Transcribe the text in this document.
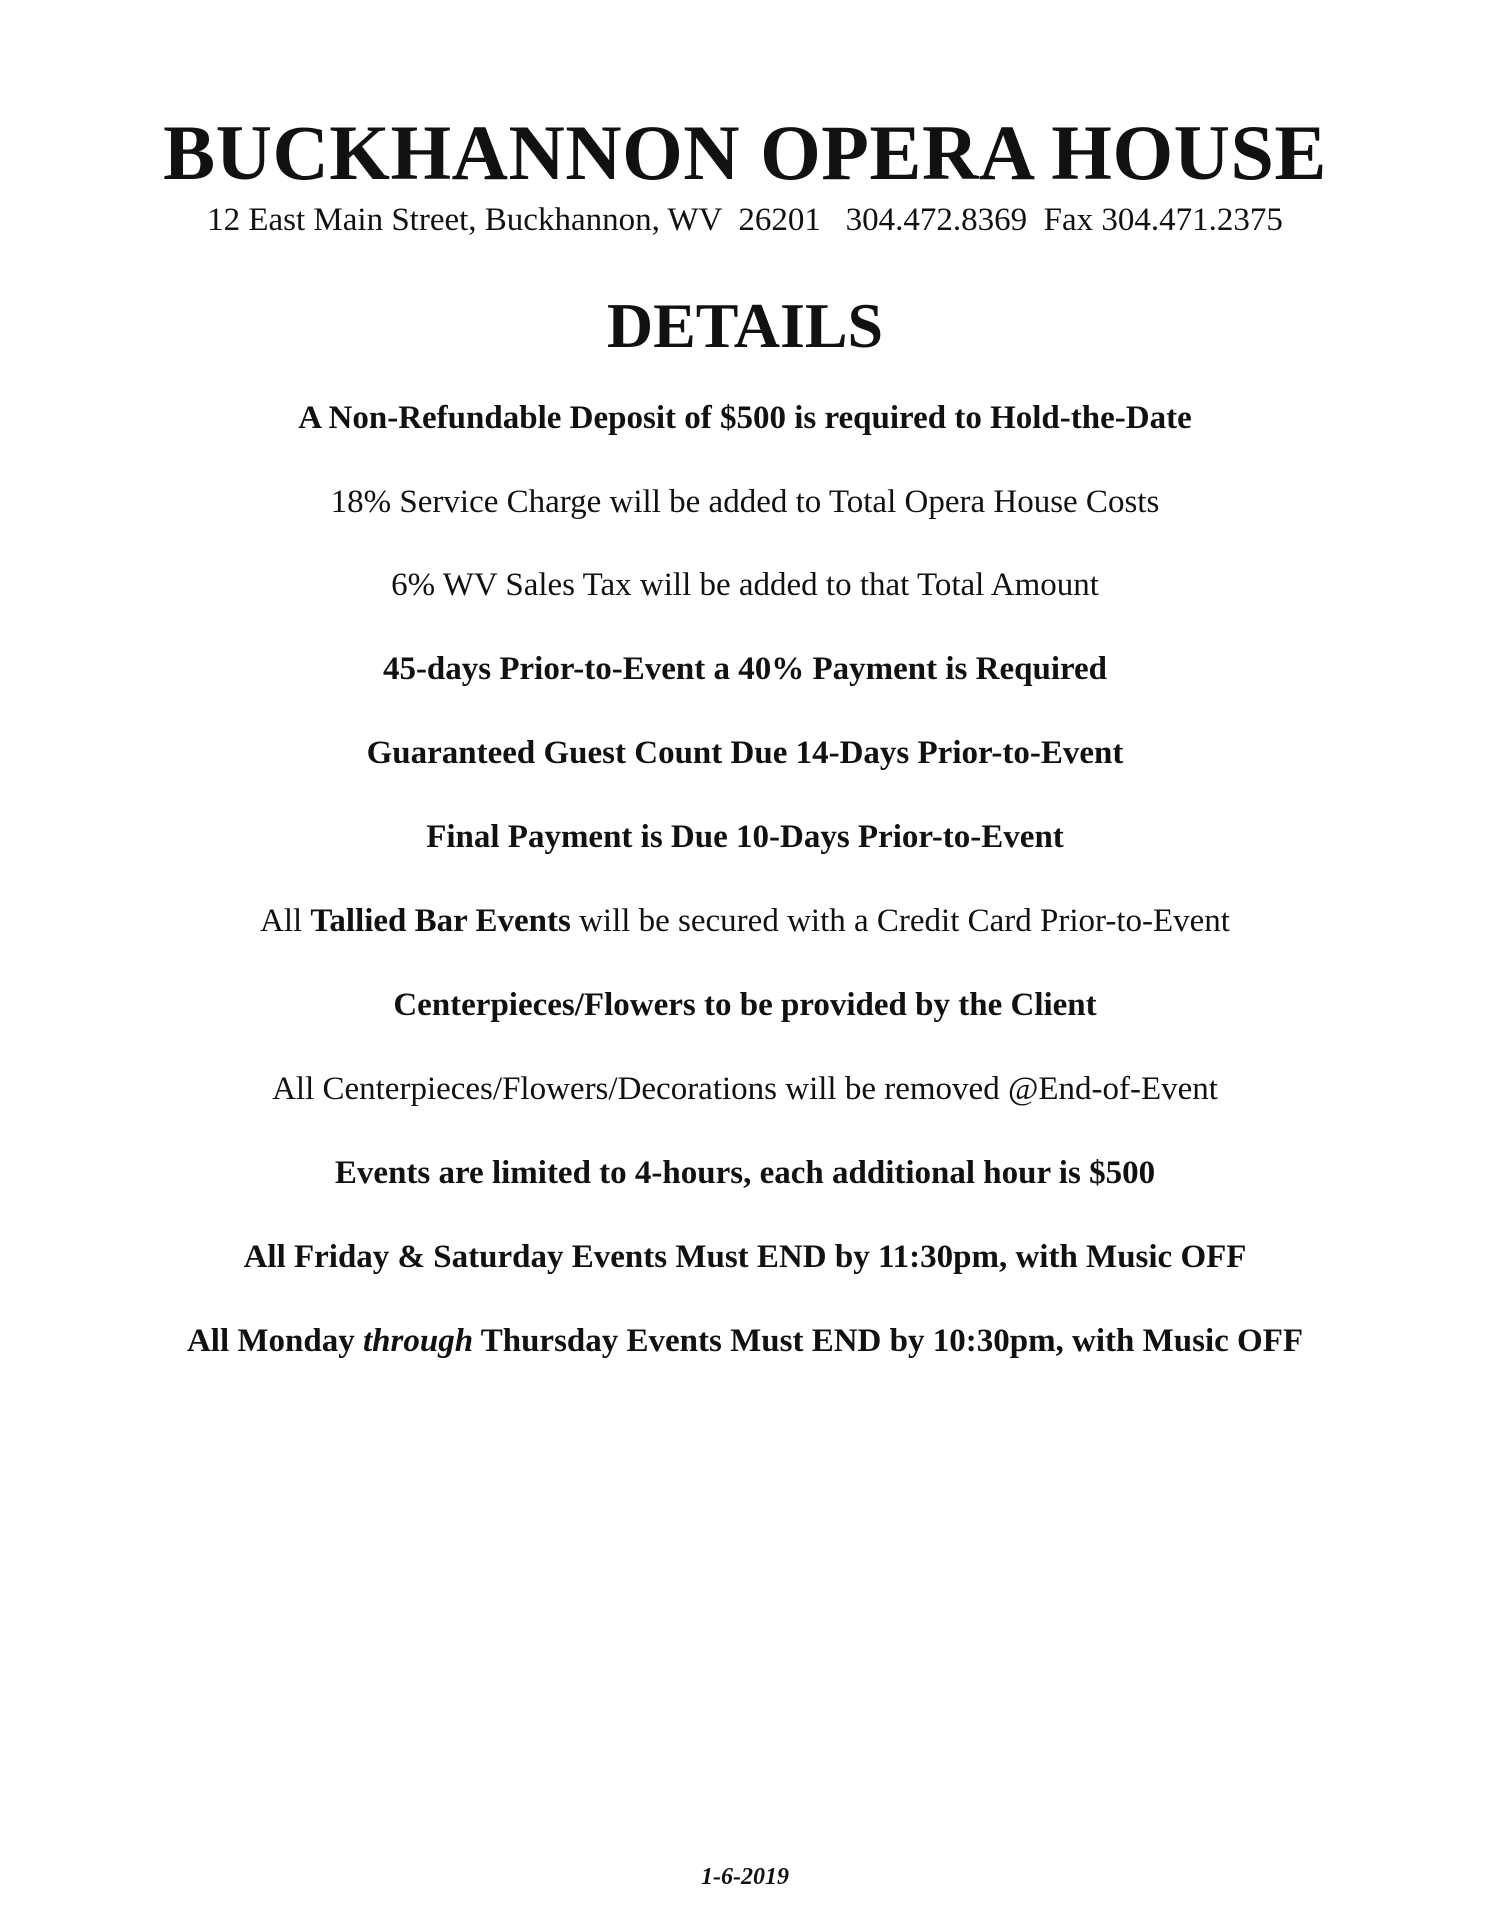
BUCKHANNON OPERA HOUSE

12 East Main Street, Buckhannon, WV  26201 304.472.8369 Fax 304.471.2375

DETAILS

A Non-Refundable Deposit of $500 is required to Hold-the-Date

18% Service Charge will be added to Total Opera House Costs

6% WV Sales Tax will be added to that Total Amount

45-days Prior-to-Event a 40% Payment is Required

Guaranteed Guest Count Due 14-Days Prior-to-Event

Final Payment is Due 10-Days Prior-to-Event

All Tallied Bar Events will be secured with a Credit Card Prior-to-Event

Centerpieces/Flowers to be provided by the Client

All Centerpieces/Flowers/Decorations will be removed @End-of-Event

Events are limited to 4-hours, each additional hour is $500

All Friday & Saturday Events Must END by 11:30pm, with Music OFF

All Monday through Thursday Events Must END by 10:30pm, with Music OFF

1-6-2019
